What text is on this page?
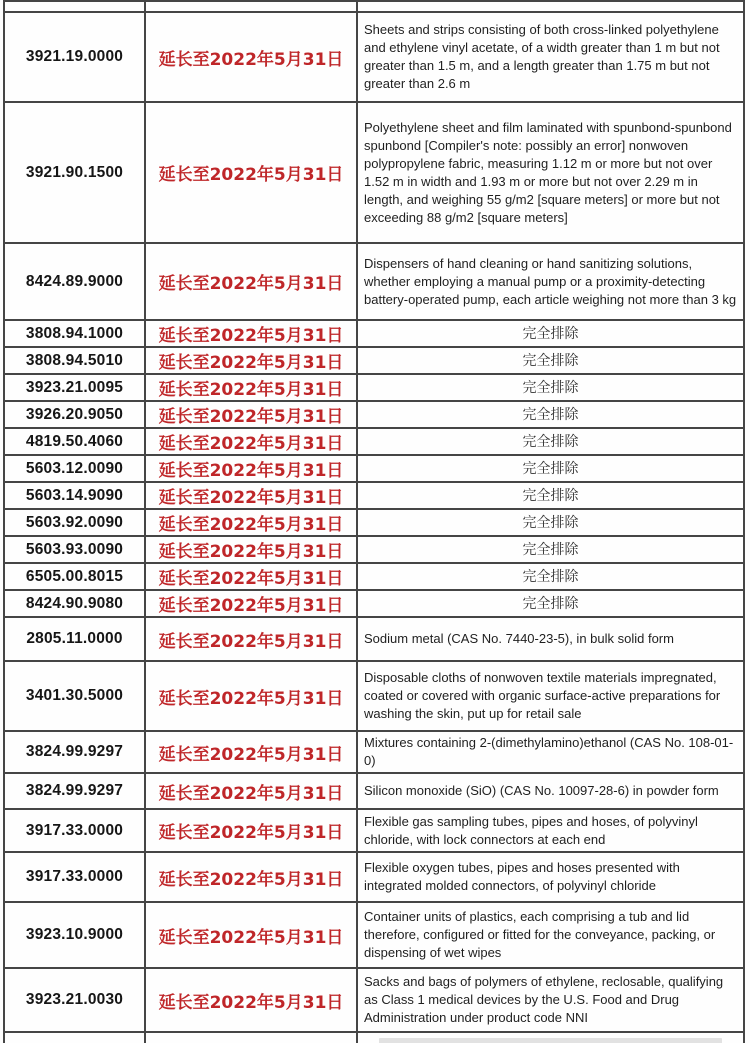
3921.19.0000	延长至2022年5月31日	Sheets and strips consisting of both cross-linked polyethylene and ethylene vinyl acetate, of a width greater than 1 m but not greater than 1.5 m, and a length greater than 1.75 m but not greater than 2.6 m
3921.90.1500	延长至2022年5月31日	Polyethylene sheet and film laminated with spunbond-spunbond spunbond [Compiler's note: possibly an error] nonwoven polypropylene fabric, measuring 1.12 m or more but not over 1.52 m in width and 1.93 m or more but not over 2.29 m in length, and weighing 55 g/m2 [square meters] or more but not exceeding 88 g/m2 [square meters]
8424.89.9000	延长至2022年5月31日	Dispensers of hand cleaning or hand sanitizing solutions, whether employing a manual pump or a proximity-detecting battery-operated pump, each article weighing not more than 3 kg
3808.94.1000	延长至2022年5月31日	完全排除
3808.94.5010	延长至2022年5月31日	完全排除
3923.21.0095	延长至2022年5月31日	完全排除
3926.20.9050	延长至2022年5月31日	完全排除
4819.50.4060	延长至2022年5月31日	完全排除
5603.12.0090	延长至2022年5月31日	完全排除
5603.14.9090	延长至2022年5月31日	完全排除
5603.92.0090	延长至2022年5月31日	完全排除
5603.93.0090	延长至2022年5月31日	完全排除
6505.00.8015	延长至2022年5月31日	完全排除
8424.90.9080	延长至2022年5月31日	完全排除
2805.11.0000	延长至2022年5月31日	Sodium metal (CAS No. 7440-23-5), in bulk solid form
3401.30.5000	延长至2022年5月31日	Disposable cloths of nonwoven textile materials impregnated, coated or covered with organic surface-active preparations for washing the skin, put up for retail sale
3824.99.9297	延长至2022年5月31日	Mixtures containing 2-(dimethylamino)ethanol (CAS No. 108-01-0)
3824.99.9297	延长至2022年5月31日	Silicon monoxide (SiO) (CAS No. 10097-28-6) in powder form
3917.33.0000	延长至2022年5月31日	Flexible gas sampling tubes, pipes and hoses, of polyvinyl chloride, with lock connectors at each end
3917.33.0000	延长至2022年5月31日	Flexible oxygen tubes, pipes and hoses presented with integrated molded connectors, of polyvinyl chloride
3923.10.9000	延长至2022年5月31日	Container units of plastics, each comprising a tub and lid therefore, configured or fitted for the conveyance, packing, or dispensing of wet wipes
3923.21.0030	延长至2022年5月31日	Sacks and bags of polymers of ethylene, reclosable, qualifying as Class 1 medical devices by the U.S. Food and Drug Administration under product code NNI
